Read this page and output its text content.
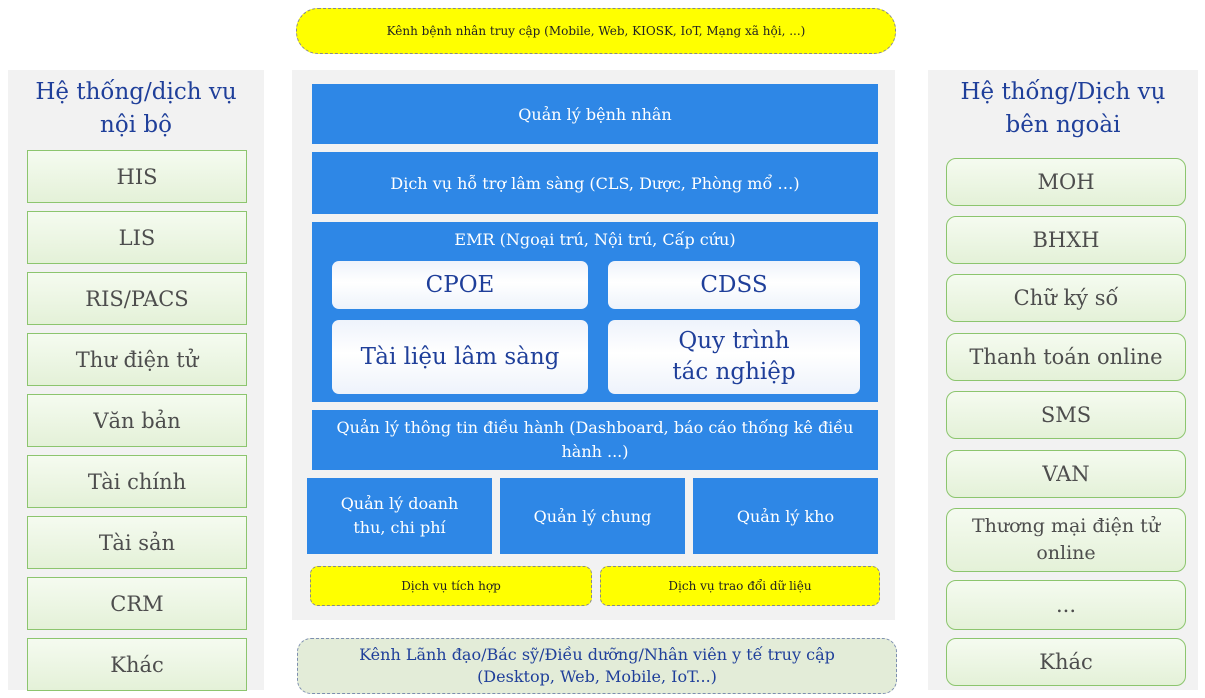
Kênh bệnh nhân truy cập (Mobile, Web, KIOSK, IoT, Mạng xã hội, ...)
Hệ thống/dịch vụ
nội bộ
HIS
LIS
RIS/PACS
Thư điện tử
Văn bản
Tài chính
Tài sản
CRM
Khác
Hệ thống/Dịch vụ
bên ngoài
MOH
BHXH
Chữ ký số
Thanh toán online
SMS
VAN
Thương mại điện tử online
...
Khác
Quản lý bệnh nhân
Dịch vụ hỗ trợ lâm sàng (CLS, Dược, Phòng mổ …)
EMR (Ngoại trú, Nội trú, Cấp cứu)
CPOE	CDSS
Tài liệu lâm sàng
Quy trình tác nghiệp
Quản lý thông tin điều hành (Dashboard, báo cáo thống kê điều hành ...)
Quản lý doanh thu, chi phí
Quản lý chung	Quản lý kho
Dịch vụ tích hợp	Dịch vụ trao đổi dữ liệu
Kênh Lãnh đạo/Bác sỹ/Điều dưỡng/Nhân viên y tế truy cập (Desktop, Web, Mobile, IoT...)
